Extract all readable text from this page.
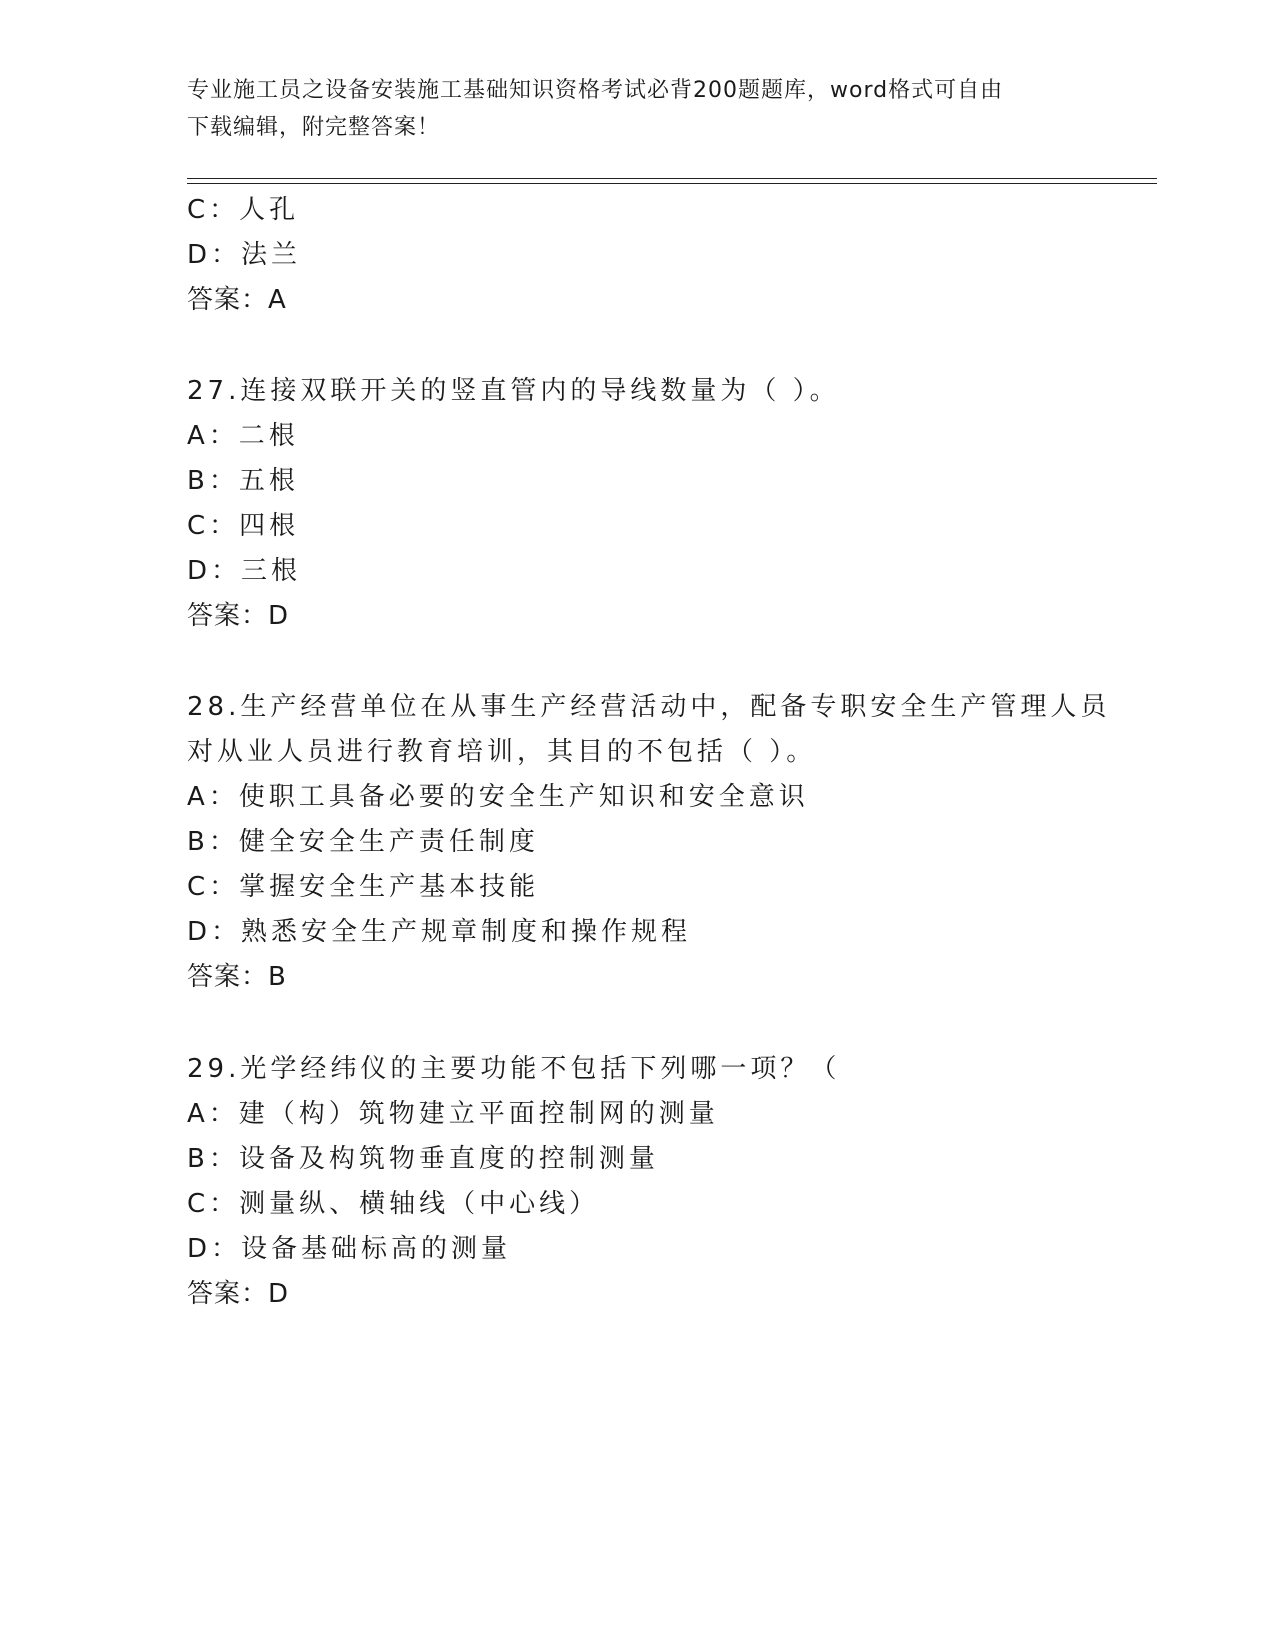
专业施工员之设备安装施工基础知识资格考试必背200题题库，word格式可自由
下载编辑，附完整答案！
C：人孔
D：法兰
答案：A
27.连接双联开关的竖直管内的导线数量为（ ）。
A：二根
B：五根
C：四根
D：三根
答案：D
28.生产经营单位在从事生产经营活动中，配备专职安全生产管理人员
对从业人员进行教育培训，其目的不包括（ ）。
A：使职工具备必要的安全生产知识和安全意识
B：健全安全生产责任制度
C：掌握安全生产基本技能
D：熟悉安全生产规章制度和操作规程
答案：B
29.光学经纬仪的主要功能不包括下列哪一项？（
A：建（构）筑物建立平面控制网的测量
B：设备及构筑物垂直度的控制测量
C：测量纵、横轴线（中心线）
D：设备基础标高的测量
答案：D
